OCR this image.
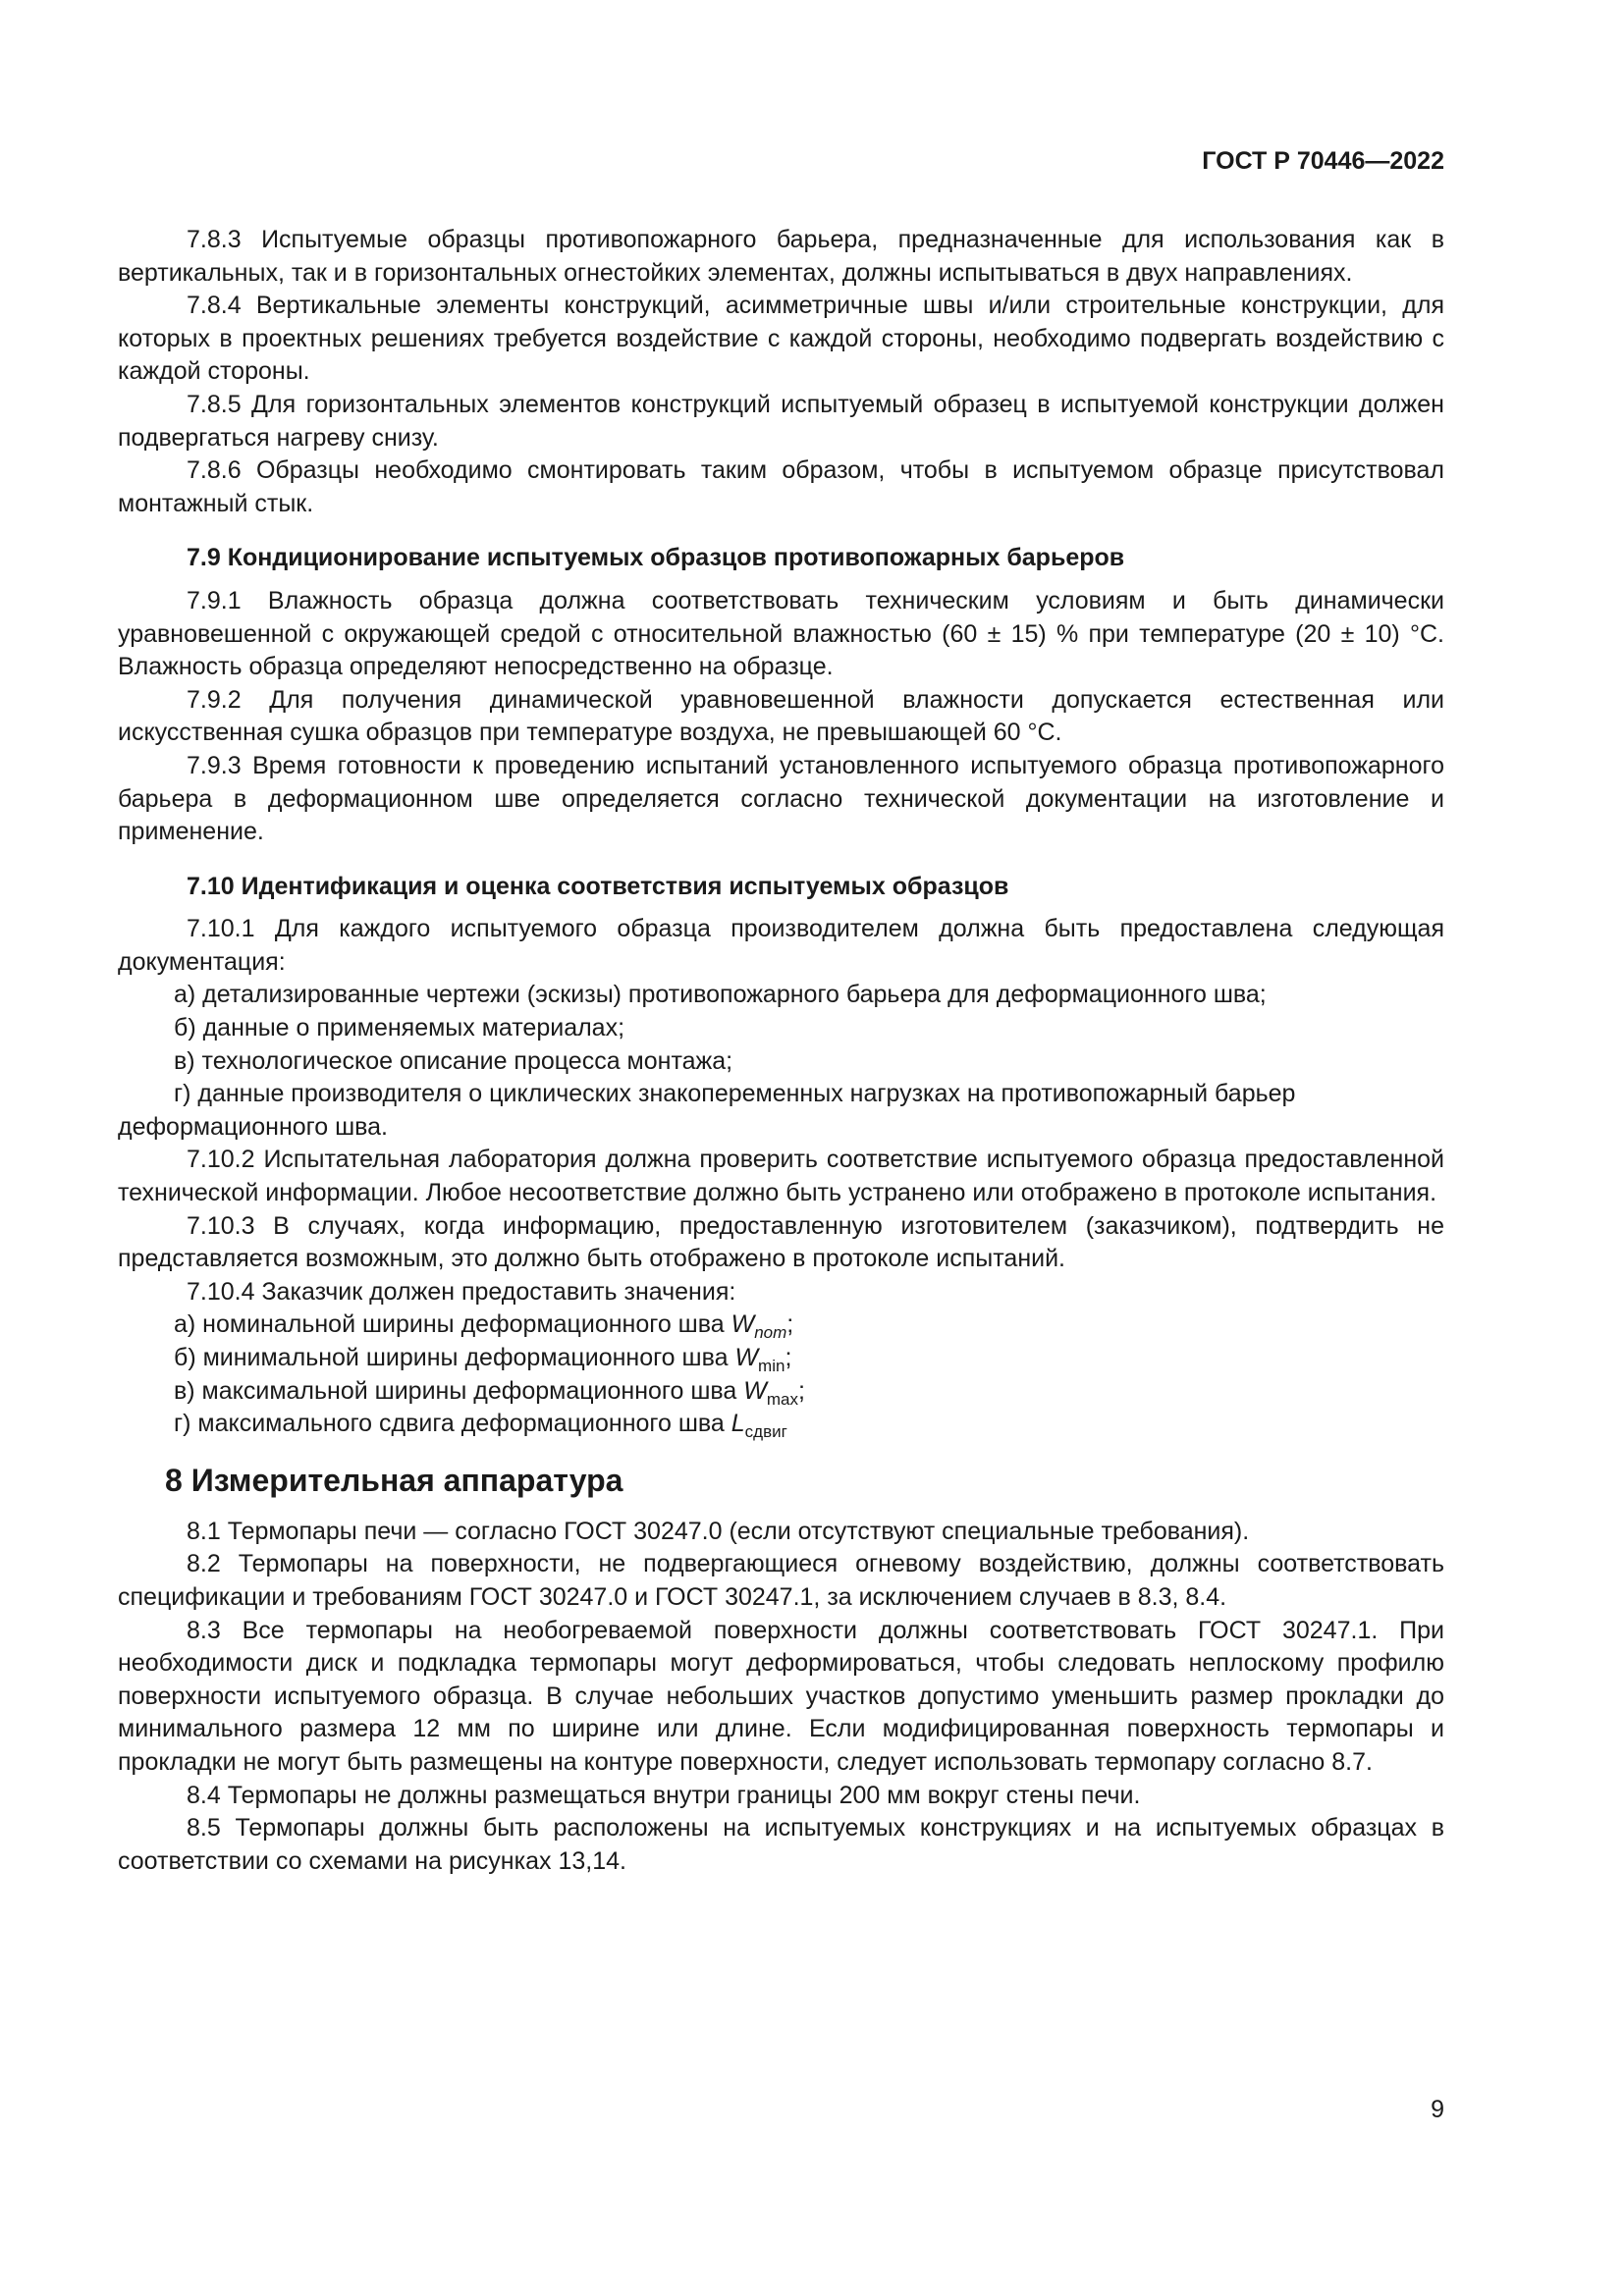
ГОСТ Р 70446—2022

7.8.3 Испытуемые образцы противопожарного барьера, предназначенные для использования как в вертикальных, так и в горизонтальных огнестойких элементах, должны испытываться в двух направлениях.

7.8.4 Вертикальные элементы конструкций, асимметричные швы и/или строительные конструкции, для которых в проектных решениях требуется воздействие с каждой стороны, необходимо подвергать воздействию с каждой стороны.

7.8.5 Для горизонтальных элементов конструкций испытуемый образец в испытуемой конструкции должен подвергаться нагреву снизу.

7.8.6 Образцы необходимо смонтировать таким образом, чтобы в испытуемом образце присутствовал монтажный стык.

7.9 Кондиционирование испытуемых образцов противопожарных барьеров

7.9.1 Влажность образца должна соответствовать техническим условиям и быть динамически уравновешенной с окружающей средой с относительной влажностью (60 ± 15) % при температуре (20 ± 10) °С. Влажность образца определяют непосредственно на образце.

7.9.2 Для получения динамической уравновешенной влажности допускается естественная или искусственная сушка образцов при температуре воздуха, не превышающей 60 °С.

7.9.3 Время готовности к проведению испытаний установленного испытуемого образца противопожарного барьера в деформационном шве определяется согласно технической документации на изготовление и применение.

7.10 Идентификация и оценка соответствия испытуемых образцов

7.10.1 Для каждого испытуемого образца производителем должна быть предоставлена следующая документация:

а) детализированные чертежи (эскизы) противопожарного барьера для деформационного шва;

б) данные о применяемых материалах;

в) технологическое описание процесса монтажа;

г) данные производителя о циклических знакопеременных нагрузках на противопожарный барьер деформационного шва.

7.10.2 Испытательная лаборатория должна проверить соответствие испытуемого образца предоставленной технической информации. Любое несоответствие должно быть устранено или отображено в протоколе испытания.

7.10.3 В случаях, когда информацию, предоставленную изготовителем (заказчиком), подтвердить не представляется возможным, это должно быть отображено в протоколе испытаний.

7.10.4 Заказчик должен предоставить значения:

а) номинальной ширины деформационного шва $W_{nom}$;

б) минимальной ширины деформационного шва $W_{min}$;

в) максимальной ширины деформационного шва $W_{max}$;

г) максимального сдвига деформационного шва $L_{сдвиг}$

8 Измерительная аппаратура

8.1 Термопары печи — согласно ГОСТ 30247.0 (если отсутствуют специальные требования).

8.2 Термопары на поверхности, не подвергающиеся огневому воздействию, должны соответствовать спецификации и требованиям ГОСТ 30247.0 и ГОСТ 30247.1, за исключением случаев в 8.3, 8.4.

8.3 Все термопары на необогреваемой поверхности должны соответствовать ГОСТ 30247.1. При необходимости диск и подкладка термопары могут деформироваться, чтобы следовать неплоскому профилю поверхности испытуемого образца. В случае небольших участков допустимо уменьшить размер прокладки до минимального размера 12 мм по ширине или длине. Если модифицированная поверхность термопары и прокладки не могут быть размещены на контуре поверхности, следует использовать термопару согласно 8.7.

8.4 Термопары не должны размещаться внутри границы 200 мм вокруг стены печи.

8.5 Термопары должны быть расположены на испытуемых конструкциях и на испытуемых образцах в соответствии со схемами на рисунках 13,14.

9
